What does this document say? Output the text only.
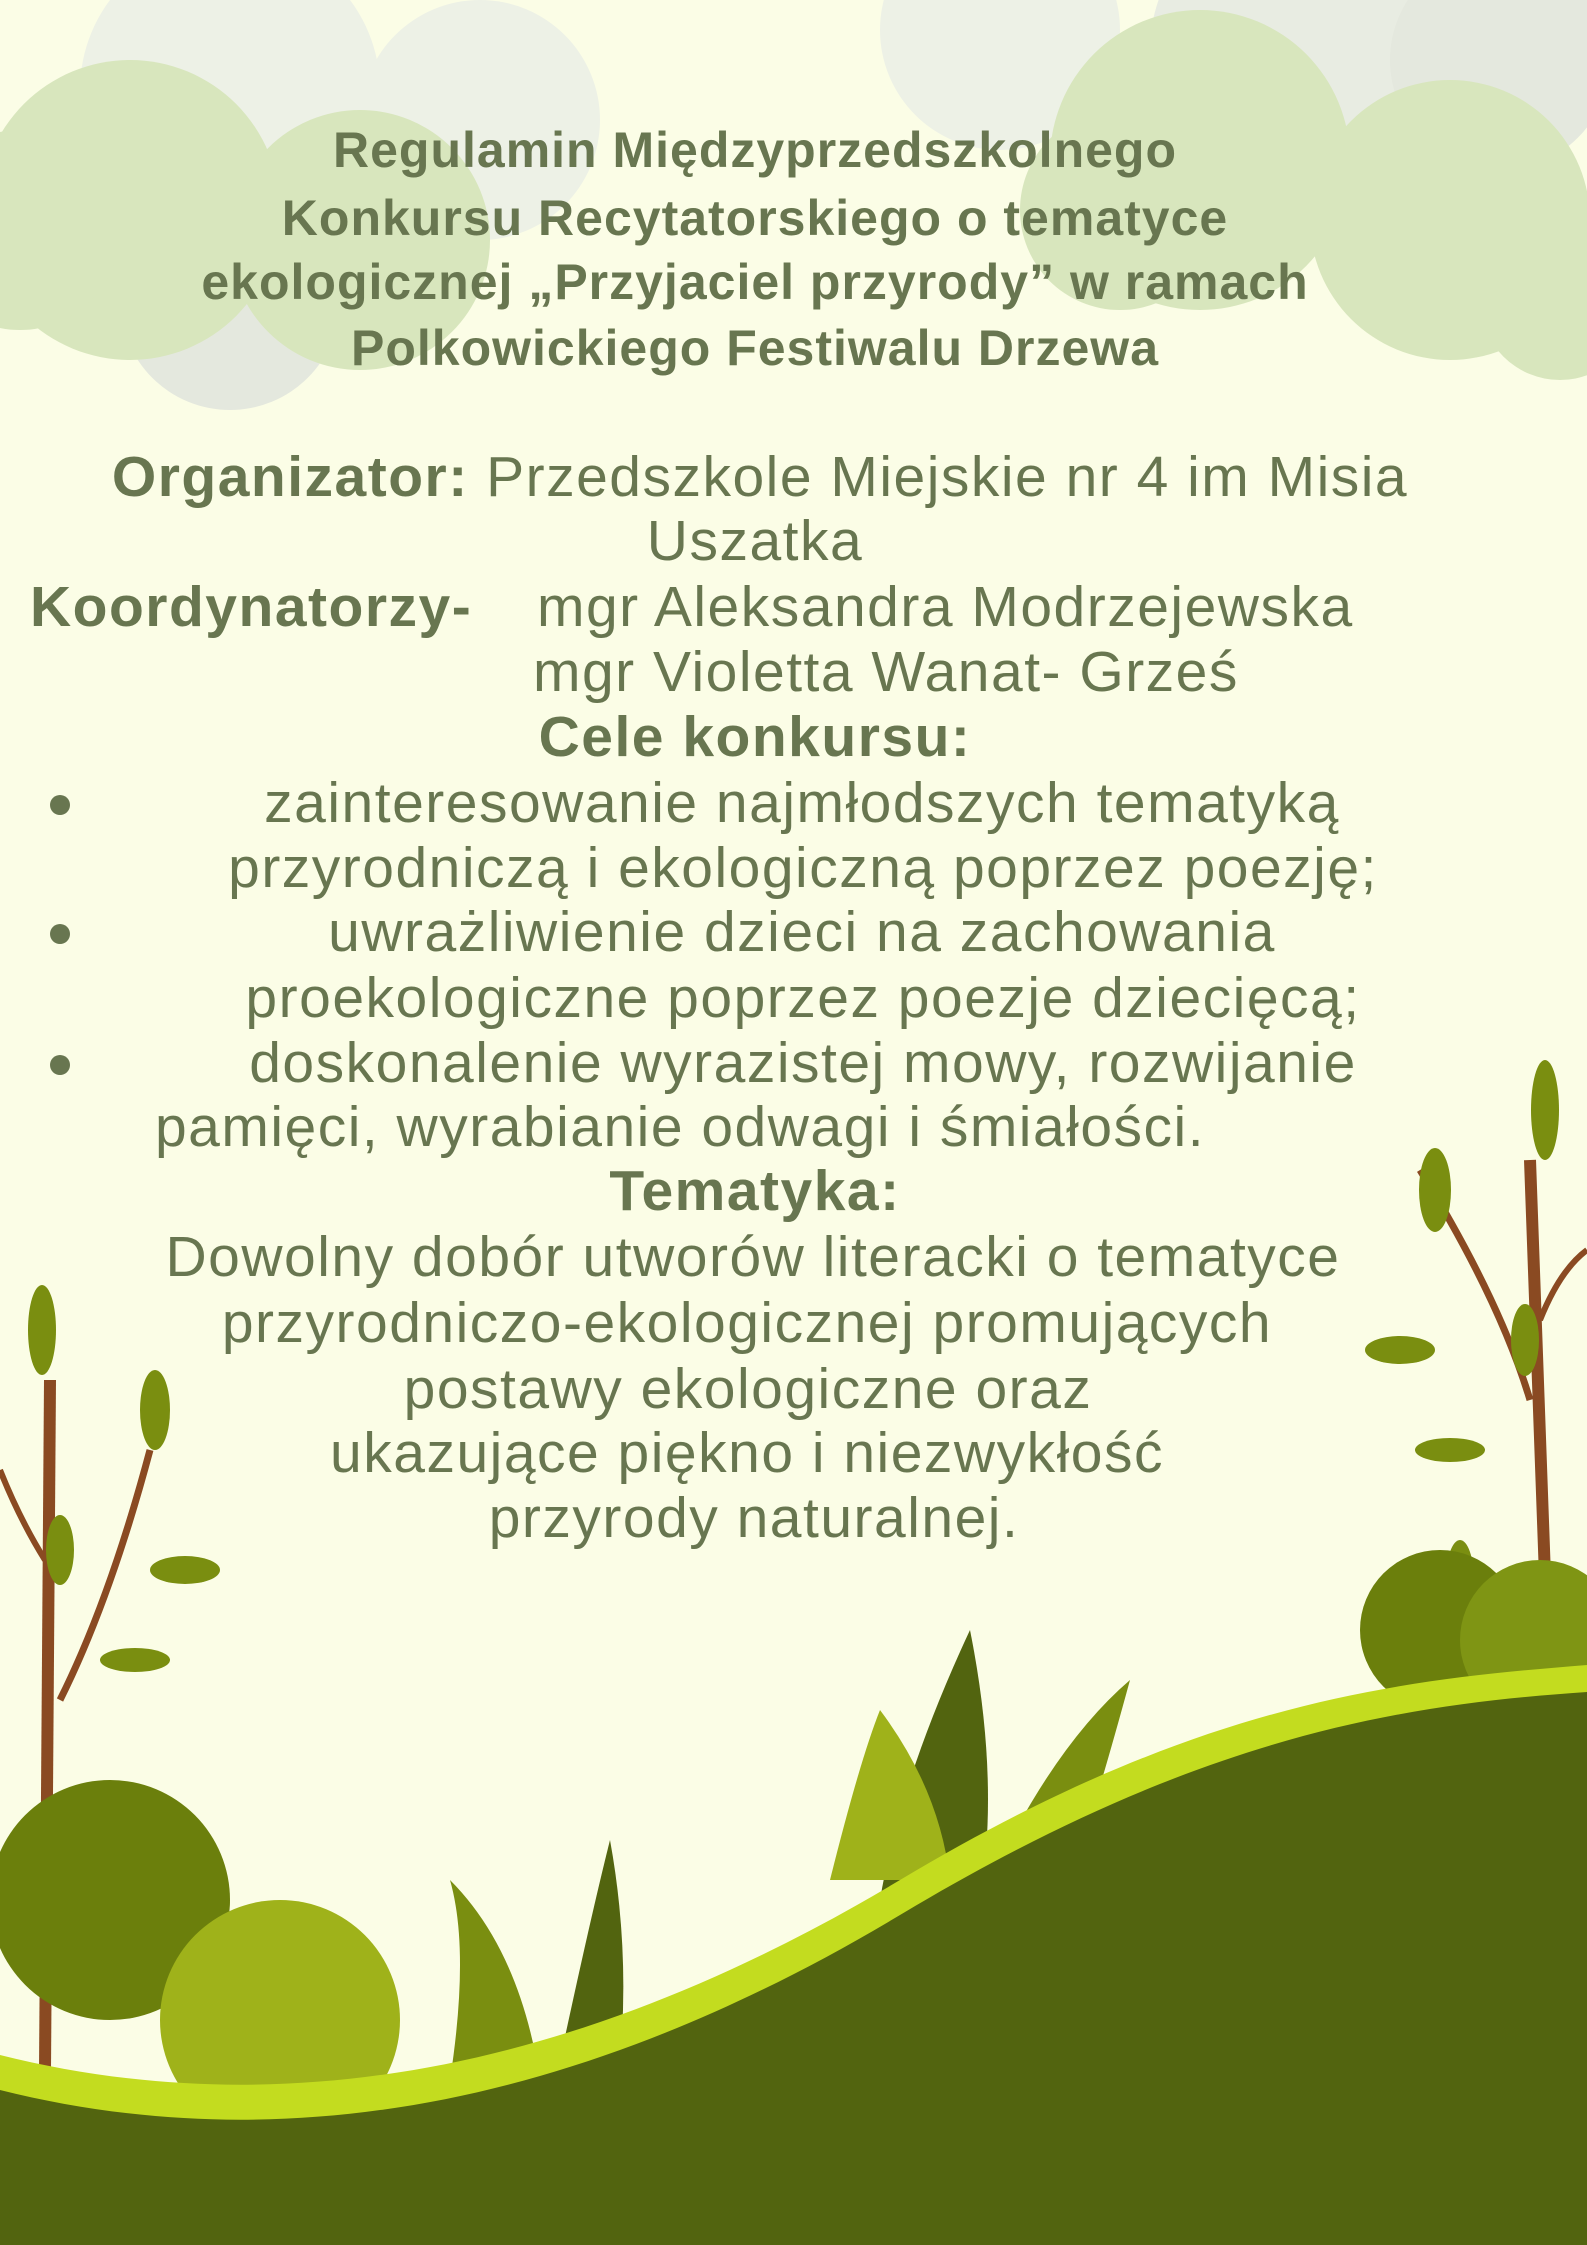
Regulamin Międzyprzedszkolnego
Konkursu Recytatorskiego o tematyce
ekologicznej „Przyjaciel przyrody” w ramach
Polkowickiego Festiwalu Drzewa
Organizator: Przedszkole Miejskie nr 4 im Misia
Uszatka
Koordynatorzy- mgr Aleksandra Modrzejewska
mgr Violetta Wanat- Grześ
Cele konkursu:
zainteresowanie najmłodszych tematyką
przyrodniczą i ekologiczną poprzez poezję;
uwrażliwienie dzieci na zachowania
proekologiczne poprzez poezje dziecięcą;
doskonalenie wyrazistej mowy, rozwijanie
pamięci, wyrabianie odwagi i śmiałości.
Tematyka:
Dowolny dobór utworów literacki o tematyce
przyrodniczo-ekologicznej promujących
postawy ekologiczne oraz
ukazujące piękno i niezwykłość
przyrody naturalnej.
